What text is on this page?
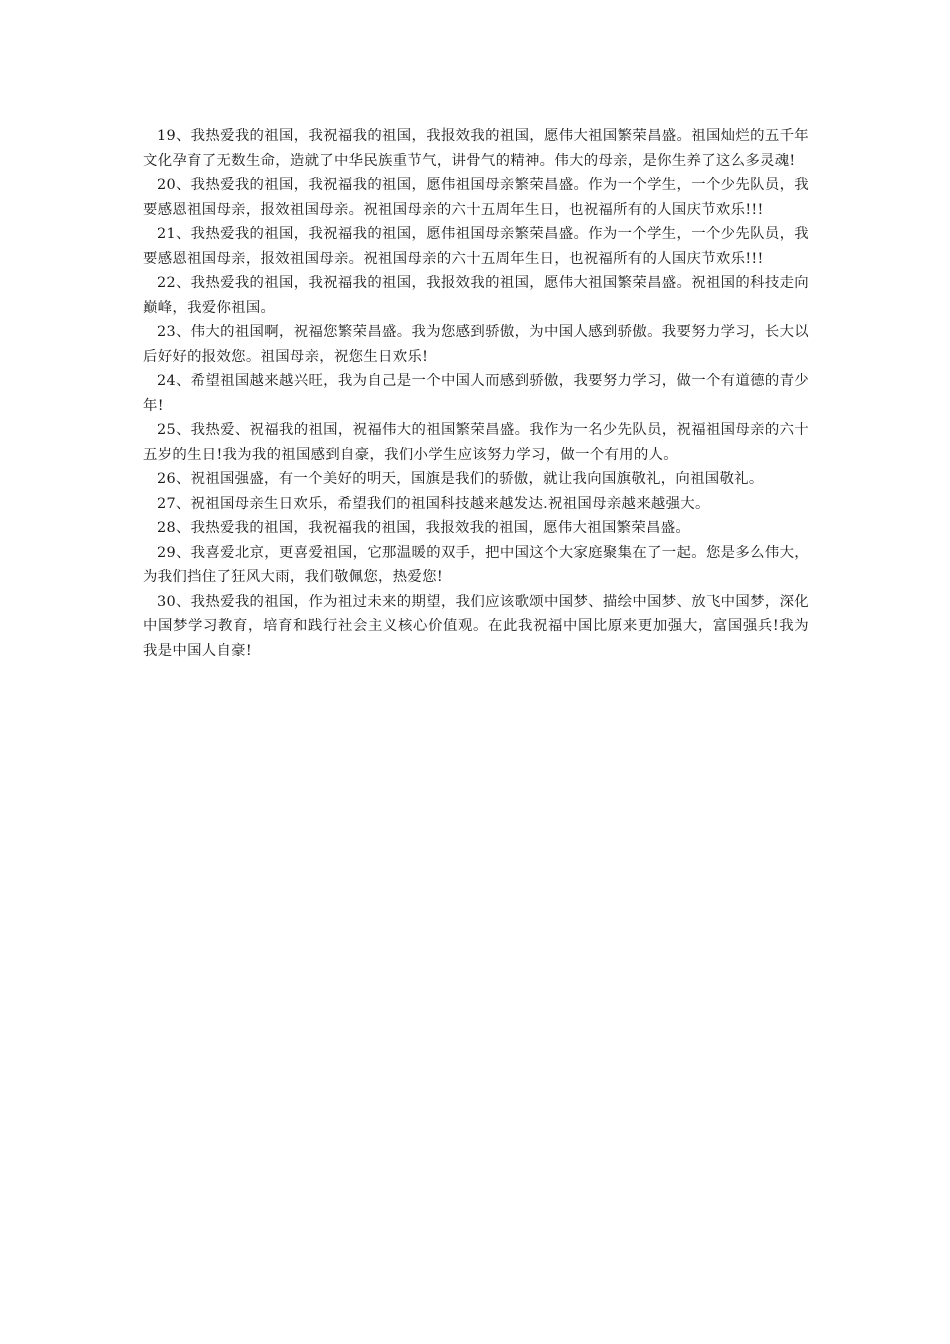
19、我热爱我的祖国，我祝福我的祖国，我报效我的祖国，愿伟大祖国繁荣昌盛。祖国灿烂的五千年文化孕育了无数生命，造就了中华民族重节气，讲骨气的精神。伟大的母亲，是你生养了这么多灵魂!

20、我热爱我的祖国，我祝福我的祖国，愿伟祖国母亲繁荣昌盛。作为一个学生，一个少先队员，我要感恩祖国母亲，报效祖国母亲。祝祖国母亲的六十五周年生日，也祝福所有的人国庆节欢乐!!!

21、我热爱我的祖国，我祝福我的祖国，愿伟祖国母亲繁荣昌盛。作为一个学生，一个少先队员，我要感恩祖国母亲，报效祖国母亲。祝祖国母亲的六十五周年生日，也祝福所有的人国庆节欢乐!!!

22、我热爱我的祖国，我祝福我的祖国，我报效我的祖国，愿伟大祖国繁荣昌盛。祝祖国的科技走向巅峰，我爱你祖国。

23、伟大的祖国啊，祝福您繁荣昌盛。我为您感到骄傲，为中国人感到骄傲。我要努力学习，长大以后好好的报效您。祖国母亲，祝您生日欢乐!

24、希望祖国越来越兴旺，我为自己是一个中国人而感到骄傲，我要努力学习，做一个有道德的青少年!

25、我热爱、祝福我的祖国，祝福伟大的祖国繁荣昌盛。我作为一名少先队员，祝福祖国母亲的六十五岁的生日!我为我的祖国感到自豪，我们小学生应该努力学习，做一个有用的人。

26、祝祖国强盛，有一个美好的明天，国旗是我们的骄傲，就让我向国旗敬礼，向祖国敬礼。

27、祝祖国母亲生日欢乐，希望我们的祖国科技越来越发达.祝祖国母亲越来越强大。

28、我热爱我的祖国，我祝福我的祖国，我报效我的祖国，愿伟大祖国繁荣昌盛。

29、我喜爱北京，更喜爱祖国，它那温暖的双手，把中国这个大家庭聚集在了一起。您是多么伟大，为我们挡住了狂风大雨，我们敬佩您，热爱您!

30、我热爱我的祖国，作为祖过未来的期望，我们应该歌颂中国梦、描绘中国梦、放飞中国梦，深化中国梦学习教育，培育和践行社会主义核心价值观。在此我祝福中国比原来更加强大，富国强兵!我为我是中国人自豪!
